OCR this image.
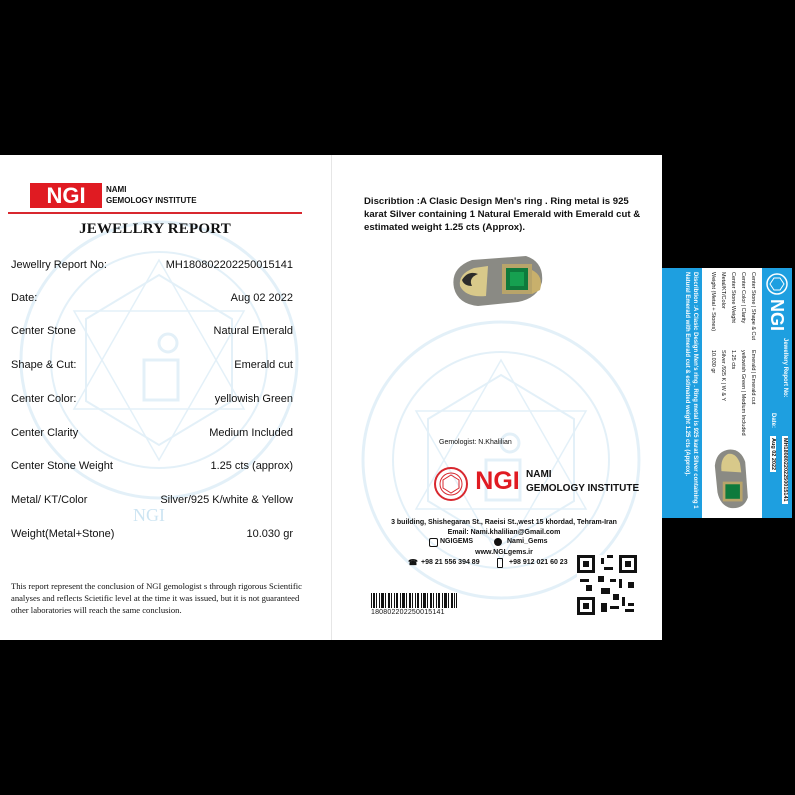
NGI
NGI	NAMI
GEMOLOGY INSTITUTE
JEWELLRY REPORT
Jewellry Report No:	MH180802202250015141
Date:	Aug 02 2022
Center Stone	Natural Emerald
Shape & Cut:	Emerald cut
Center Color:	yellowish Green
Center Clarity	Medium Included
Center Stone Weight	1.25 cts (approx)
Metal/ KT/Color	Silver/925 K/white & Yellow
Weight(Metal+Stone)	10.030 gr
This report represent the conclusion of NGI gemologist s through rigorous Scientific analyses and reflects Scietific level at the time it was issued, but it is not guaranteed other laboratories will reach the same conclusion.
Discribtion :A Clasic Design Men's ring . Ring metal is 925 karat Silver containing 1 Natural Emerald with Emerald cut & estimated weight 1.25 cts (Approx).
Gemologist: N.Khalilian
NGI NAMI
GEMOLOGY INSTITUTE
3 building, Shishegaran St., Raeisi St.,west 15 khordad, Tehram-Iran
Email: Nami.khalilian@Gmail.com
NGIGEMS	Nami_Gems
www.NGLgems.ir
☎ +98 21 556 394 89	+98 912 021 60 23
180802202250015141
NGI
Jewellery Report No:
MH180802202250015141
Date:
Aug 02 2022
Center Stone | Shape & Cut
Emerald | Emerald cut
Center Color | Clarity
yellowish Green | Medium Included
Center Stone Weight
1.25 cts
Metal/KT/Color
Silver /925 K | W & Y
Weight (Metal + Stones)
10.030 gr
Discribtion :A Clasic Design Men's ring . Ring metal is 925 karat Silver containing 1 Natural Emerald with Emerald cut & estimated weight 1.25 cts (Approx).
